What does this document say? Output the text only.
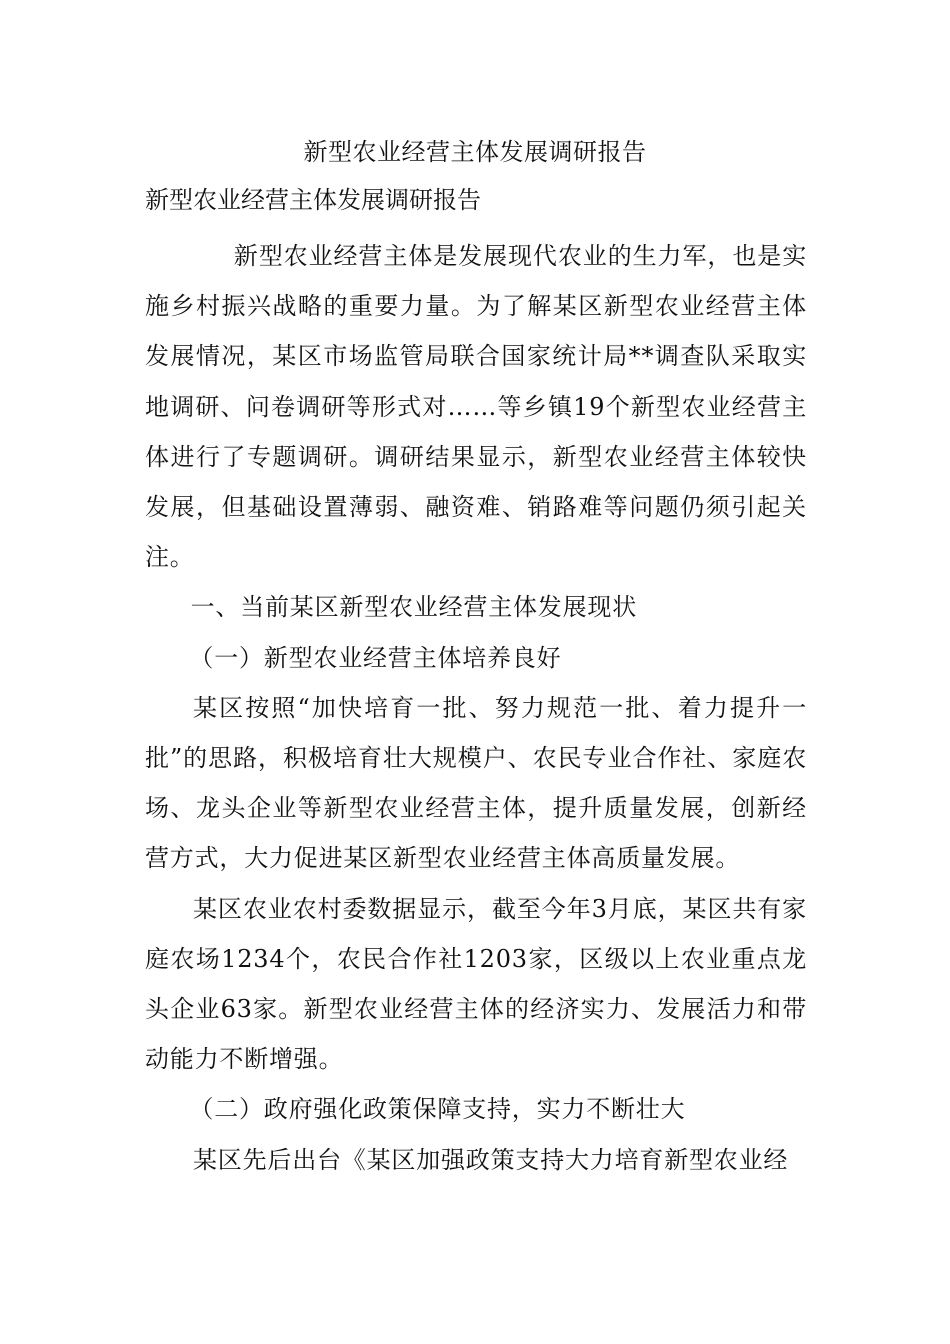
新型农业经营主体发展调研报告
新型农业经营主体发展调研报告

新型农业经营主体是发展现代农业的生力军，也是实施乡村振兴战略的重要力量。为了解某区新型农业经营主体发展情况，某区市场监管局联合国家统计局**调查队采取实地调研、问卷调研等形式对……等乡镇19个新型农业经营主体进行了专题调研。调研结果显示，新型农业经营主体较快发展，但基础设置薄弱、融资难、销路难等问题仍须引起关注。

一、当前某区新型农业经营主体发展现状

（一）新型农业经营主体培养良好

某区按照“加快培育一批、努力规范一批、着力提升一批”的思路，积极培育壮大规模户、农民专业合作社、家庭农场、龙头企业等新型农业经营主体，提升质量发展，创新经营方式，大力促进某区新型农业经营主体高质量发展。

某区农业农村委数据显示，截至今年3月底，某区共有家庭农场1234个，农民合作社1203家，区级以上农业重点龙头企业63家。新型农业经营主体的经济实力、发展活力和带动能力不断增强。

（二）政府强化政策保障支持，实力不断壮大

某区先后出台《某区加强政策支持大力培育新型农业经
